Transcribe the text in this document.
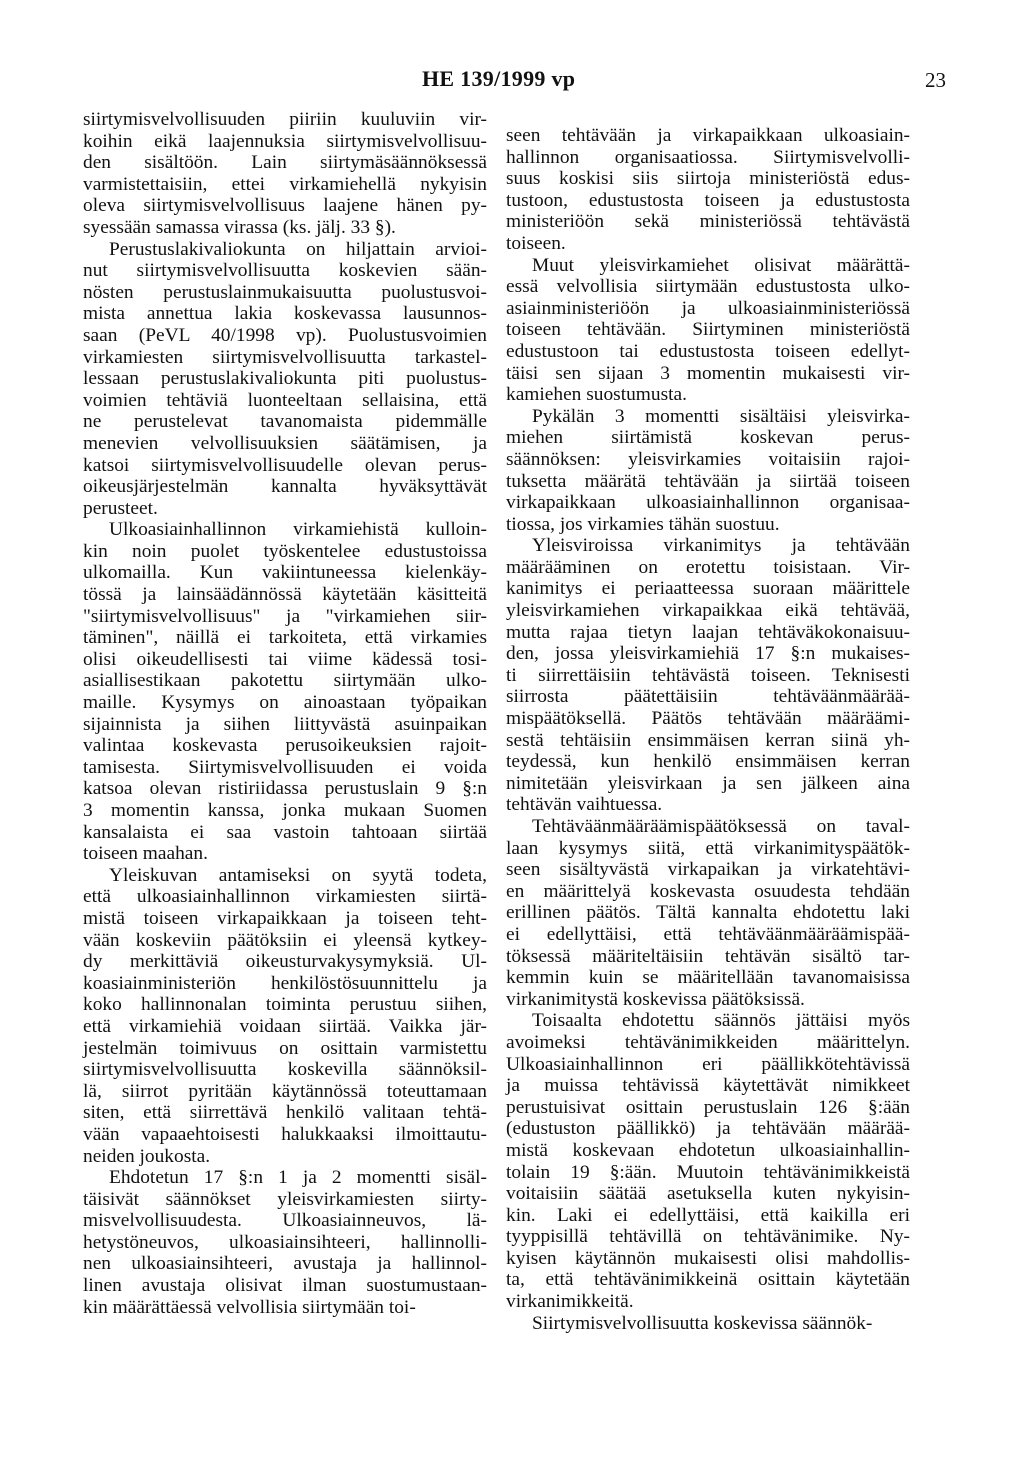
HE 139/1999 vp	23
siirtymisvelvollisuuden piiriin kuuluviin vir-
koihin eikä laajennuksia siirtymisvelvollisuu-
den sisältöön. Lain siirtymäsäännöksessä
varmistettaisiin, ettei virkamiehellä nykyisin
oleva siirtymisvelvollisuus laajene hänen py-
syessään samassa virassa (ks. jälj. 33 §).
Perustuslakivaliokunta on hiljattain arvioi-
nut siirtymisvelvollisuutta koskevien sään-
nösten perustuslainmukaisuutta puolustusvoi-
mista annettua lakia koskevassa lausunnos-
saan (PeVL 40/1998 vp). Puolustusvoimien
virkamiesten siirtymisvelvollisuutta tarkastel-
lessaan perustuslakivaliokunta piti puolustus-
voimien tehtäviä luonteeltaan sellaisina, että
ne perustelevat tavanomaista pidemmälle
menevien velvollisuuksien säätämisen, ja
katsoi siirtymisvelvollisuudelle olevan perus-
oikeusjärjestelmän kannalta hyväksyttävät
perusteet.
Ulkoasiainhallinnon virkamiehistä kulloin-
kin noin puolet työskentelee edustustoissa
ulkomailla. Kun vakiintuneessa kielenkäy-
tössä ja lainsäädännössä käytetään käsitteitä
"siirtymisvelvollisuus" ja "virkamiehen siir-
täminen", näillä ei tarkoiteta, että virkamies
olisi oikeudellisesti tai viime kädessä tosi-
asiallisestikaan pakotettu siirtymään ulko-
maille. Kysymys on ainoastaan työpaikan
sijainnista ja siihen liittyvästä asuinpaikan
valintaa koskevasta perusoikeuksien rajoit-
tamisesta. Siirtymisvelvollisuuden ei voida
katsoa olevan ristiriidassa perustuslain 9 §:n
3 momentin kanssa, jonka mukaan Suomen
kansalaista ei saa vastoin tahtoaan siirtää
toiseen maahan.
Yleiskuvan antamiseksi on syytä todeta,
että ulkoasiainhallinnon virkamiesten siirtä-
mistä toiseen virkapaikkaan ja toiseen teht-
vään koskeviin päätöksiin ei yleensä kytkey-
dy merkittäviä oikeusturvakysymyksiä. Ul-
koasiainministeriön henkilöstösuunnittelu ja
koko hallinnonalan toiminta perustuu siihen,
että virkamiehiä voidaan siirtää. Vaikka jär-
jestelmän toimivuus on osittain varmistettu
siirtymisvelvollisuutta koskevilla säännöksil-
lä, siirrot pyritään käytännössä toteuttamaan
siten, että siirrettävä henkilö valitaan tehtä-
vään vapaaehtoisesti halukkaaksi ilmoittautu-
neiden joukosta.
Ehdotetun 17 §:n 1 ja 2 momentti sisäl-
täisivät säännökset yleisvirkamiesten siirty-
misvelvollisuudesta. Ulkoasiainneuvos, lä-
hetystöneuvos, ulkoasiainsihteeri, hallinnolli-
nen ulkoasiainsihteeri, avustaja ja hallinnol-
linen avustaja olisivat ilman suostumustaan-
kin määrättäessä velvollisia siirtymään toi-
seen tehtävään ja virkapaikkaan ulkoasiain-
hallinnon organisaatiossa. Siirtymisvelvolli-
suus koskisi siis siirtoja ministeriöstä edus-
tustoon, edustustosta toiseen ja edustustosta
ministeriöön sekä ministeriössä tehtävästä
toiseen.
Muut yleisvirkamiehet olisivat määrättä-
essä velvollisia siirtymään edustustosta ulko-
asiainministeriöön ja ulkoasiainministeriössä
toiseen tehtävään. Siirtyminen ministeriöstä
edustustoon tai edustustosta toiseen edellyt-
täisi sen sijaan 3 momentin mukaisesti vir-
kamiehen suostumusta.
Pykälän 3 momentti sisältäisi yleisvirka-
miehen siirtämistä koskevan perus-
säännöksen: yleisvirkamies voitaisiin rajoi-
tuksetta määrätä tehtävään ja siirtää toiseen
virkapaikkaan ulkoasiainhallinnon organisaa-
tiossa, jos virkamies tähän suostuu.
Yleisviroissa virkanimitys ja tehtävään
määrääminen on erotettu toisistaan. Vir-
kanimitys ei periaatteessa suoraan määrittele
yleisvirkamiehen virkapaikkaa eikä tehtävää,
mutta rajaa tietyn laajan tehtäväkokonaisuu-
den, jossa yleisvirkamiehiä 17 §:n mukaises-
ti siirrettäisiin tehtävästä toiseen. Teknisesti
siirrosta päätettäisiin tehtäväänmäärää-
mispäätöksellä. Päätös tehtävään määräämi-
sestä tehtäisiin ensimmäisen kerran siinä yh-
teydessä, kun henkilö ensimmäisen kerran
nimitetään yleisvirkaan ja sen jälkeen aina
tehtävän vaihtuessa.
Tehtäväänmääräämispäätöksessä on taval-
laan kysymys siitä, että virkanimityspäätök-
seen sisältyvästä virkapaikan ja virkatehtävi-
en määrittelyä koskevasta osuudesta tehdään
erillinen päätös. Tältä kannalta ehdotettu laki
ei edellyttäisi, että tehtäväänmääräämispää-
töksessä määriteltäisiin tehtävän sisältö tar-
kemmin kuin se määritellään tavanomaisissa
virkanimitystä koskevissa päätöksissä.
Toisaalta ehdotettu säännös jättäisi myös
avoimeksi tehtävänimikkeiden määrittelyn.
Ulkoasiainhallinnon eri päällikkötehtävissä
ja muissa tehtävissä käytettävät nimikkeet
perustuisivat osittain perustuslain 126 §:ään
(edustuston päällikkö) ja tehtävään määrää-
mistä koskevaan ehdotetun ulkoasiainhallin-
tolain 19 §:ään. Muutoin tehtävänimikkeistä
voitaisiin säätää asetuksella kuten nykyisin-
kin. Laki ei edellyttäisi, että kaikilla eri
tyyppisillä tehtävillä on tehtävänimike. Ny-
kyisen käytännön mukaisesti olisi mahdollis-
ta, että tehtävänimikkeinä osittain käytetään
virkanimikkeitä.
Siirtymisvelvollisuutta koskevissa säännök-
